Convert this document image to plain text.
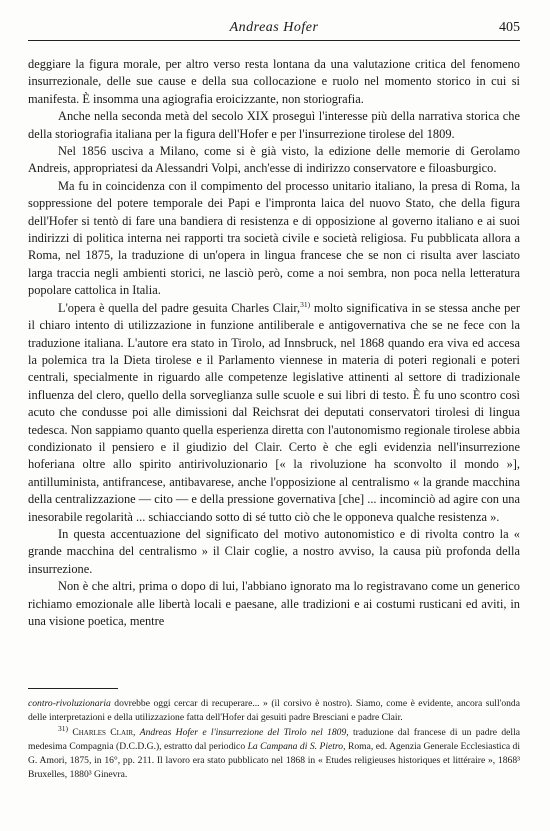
Andreas Hofer	405

deggiare la figura morale, per altro verso resta lontana da una valutazione critica del fenomeno insurrezionale, delle sue cause e della sua collocazione e ruolo nel momento storico in cui si manifesta. È insomma una agiografia eroicizzante, non storiografia.

Anche nella seconda metà del secolo XIX proseguì l'interesse più della narrativa storica che della storiografia italiana per la figura dell'Hofer e per l'insurrezione tirolese del 1809.

Nel 1856 usciva a Milano, come si è già visto, la edizione delle memorie di Gerolamo Andreis, appropriatesi da Alessandri Volpi, anch'esse di indirizzo conservatore e filoasburgico.

Ma fu in coincidenza con il compimento del processo unitario italiano, la presa di Roma, la soppressione del potere temporale dei Papi e l'impronta laica del nuovo Stato, che della figura dell'Hofer si tentò di fare una bandiera di resistenza e di opposizione al governo italiano e ai suoi indirizzi di politica interna nei rapporti tra società civile e società religiosa. Fu pubblicata allora a Roma, nel 1875, la traduzione di un'opera in lingua francese che se non ci risulta aver lasciato larga traccia negli ambienti storici, ne lasciò però, come a noi sembra, non poca nella letteratura popolare cattolica in Italia.

L'opera è quella del padre gesuita Charles Clair,$^{31)}$ molto significativa in se stessa anche per il chiaro intento di utilizzazione in funzione antiliberale e antigovernativa che se ne fece con la traduzione italiana. L'autore era stato in Tirolo, ad Innsbruck, nel 1868 quando era viva ed accesa la polemica tra la Dieta tirolese e il Parlamento viennese in materia di poteri regionali e poteri centrali, specialmente in riguardo alle competenze legislative attinenti al settore di tradizionale influenza del clero, quello della sorveglianza sulle scuole e sui libri di testo. È fu uno scontro così acuto che condusse poi alle dimissioni dal Reichsrat dei deputati conservatori tirolesi di lingua tedesca. Non sappiamo quanto quella esperienza diretta con l'autonomismo regionale tirolese abbia condizionato il pensiero e il giudizio del Clair. Certo è che egli evidenzia nell'insurrezione hoferiana oltre allo spirito antirivoluzionario [« la rivoluzione ha sconvolto il mondo »], antilluminista, antifrancese, antibavarese, anche l'opposizione al centralismo « la grande macchina della centralizzazione — cito — e della pressione governativa [che] ... incominciò ad agire con una inesorabile regolarità ... schiacciando sotto di sé tutto ciò che le opponeva qualche resistenza ».

In questa accentuazione del significato del motivo autonomistico e di rivolta contro la « grande macchina del centralismo » il Clair coglie, a nostro avviso, la causa più profonda della insurrezione.

Non è che altri, prima o dopo di lui, l'abbiano ignorato ma lo registravano come un generico richiamo emozionale alle libertà locali e paesane, alle tradizioni e ai costumi rusticani ed aviti, in una visione poetica, mentre

contro-rivoluzionaria dovrebbe oggi cercar di recuperare... » (il corsivo è nostro). Siamo, come è evidente, ancora sull'onda delle interpretazioni e della utilizzazione fatta dell'Hofer dai gesuiti padre Bresciani e padre Clair.

$^{31)}$ Charles Clair, Andreas Hofer e l'insurrezione del Tirolo nel 1809, traduzione dal francese di un padre della medesima Compagnia (D.C.D.G.), estratto dal periodico La Campana di S. Pietro, Roma, ed. Agenzia Generale Ecclesiastica di G. Amori, 1875, in 16°, pp. 211. Il lavoro era stato pubblicato nel 1868 in « Etudes religieuses historiques et littéraire », 1868³ Bruxelles, 1880³ Ginevra.
